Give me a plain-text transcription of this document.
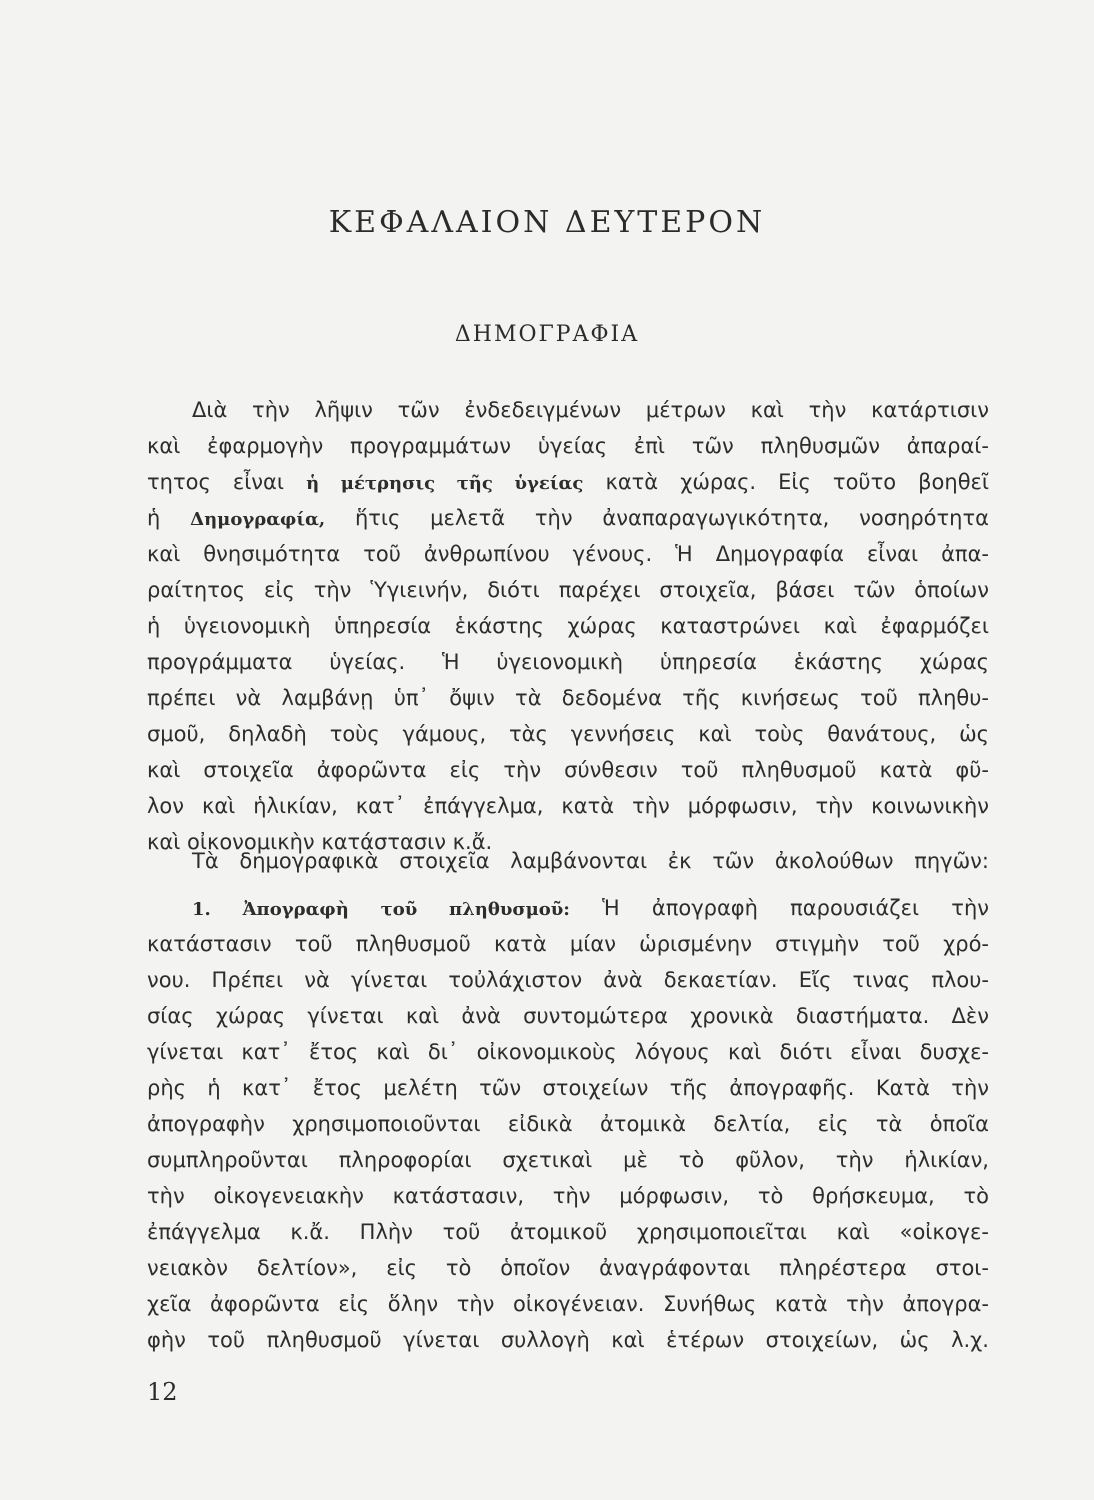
ΚΕΦΑΛΑΙΟΝ ΔΕΥΤΕΡΟΝ
ΔΗΜΟΓΡΑΦΙΑ
Διὰ τὴν λῆψιν τῶν ἐνδεδειγμένων μέτρων καὶ τὴν κατάρτισιν
καὶ ἐφαρμογὴν προγραμμάτων ὑγείας ἐπὶ τῶν πληθυσμῶν ἀπαραί-
τητος εἶναι ἡ μέτρησις τῆς ὑγείας κατὰ χώρας. Εἰς τοῦτο βοηθεῖ
ἡ Δημογραφία, ἥτις μελετᾶ τὴν ἀναπαραγωγικότητα, νοσηρότητα
καὶ θνησιμότητα τοῦ ἀνθρωπίνου γένους. Ἡ Δημογραφία εἶναι ἀπα-
ραίτητος εἰς τὴν Ὑγιεινήν, διότι παρέχει στοιχεῖα, βάσει τῶν ὁποίων
ἡ ὑγειονομικὴ ὑπηρεσία ἑκάστης χώρας καταστρώνει καὶ ἐφαρμόζει
προγράμματα ὑγείας. Ἡ ὑγειονομικὴ ὑπηρεσία ἑκάστης χώρας
πρέπει νὰ λαμβάνῃ ὑπ᾽ ὄψιν τὰ δεδομένα τῆς κινήσεως τοῦ πληθυ-
σμοῦ, δηλαδὴ τοὺς γάμους, τὰς γεννήσεις καὶ τοὺς θανάτους, ὡς
καὶ στοιχεῖα ἀφορῶντα εἰς τὴν σύνθεσιν τοῦ πληθυσμοῦ κατὰ φῦ-
λον καὶ ἡλικίαν, κατ᾽ ἐπάγγελμα, κατὰ τὴν μόρφωσιν, τὴν κοινωνικὴν
καὶ οἰκονομικὴν κατάστασιν κ.ἄ.
Τὰ δημογραφικὰ στοιχεῖα λαμβάνονται ἐκ τῶν ἀκολούθων πηγῶν:
1. Ἀπογραφὴ τοῦ πληθυσμοῦ: Ἡ ἀπογραφὴ παρουσιάζει τὴν
κατάστασιν τοῦ πληθυσμοῦ κατὰ μίαν ὡρισμένην στιγμὴν τοῦ χρό-
νου. Πρέπει νὰ γίνεται τοὐλάχιστον ἀνὰ δεκαετίαν. Εἴς τινας πλου-
σίας χώρας γίνεται καὶ ἀνὰ συντομώτερα χρονικὰ διαστήματα. Δὲν
γίνεται κατ᾽ ἔτος καὶ δι᾽ οἰκονομικοὺς λόγους καὶ διότι εἶναι δυσχε-
ρὴς ἡ κατ᾽ ἔτος μελέτη τῶν στοιχείων τῆς ἀπογραφῆς. Κατὰ τὴν
ἀπογραφὴν χρησιμοποιοῦνται εἰδικὰ ἀτομικὰ δελτία, εἰς τὰ ὁποῖα
συμπληροῦνται πληροφορίαι σχετικαὶ μὲ τὸ φῦλον, τὴν ἡλικίαν,
τὴν οἰκογενειακὴν κατάστασιν, τὴν μόρφωσιν, τὸ θρήσκευμα, τὸ
ἐπάγγελμα κ.ἄ. Πλὴν τοῦ ἀτομικοῦ χρησιμοποιεῖται καὶ «οἰκογε-
νειακὸν δελτίον», εἰς τὸ ὁποῖον ἀναγράφονται πληρέστερα στοι-
χεῖα ἀφορῶντα εἰς ὅλην τὴν οἰκογένειαν. Συνήθως κατὰ τὴν ἀπογρα-
φὴν τοῦ πληθυσμοῦ γίνεται συλλογὴ καὶ ἑτέρων στοιχείων, ὡς λ.χ.

12
